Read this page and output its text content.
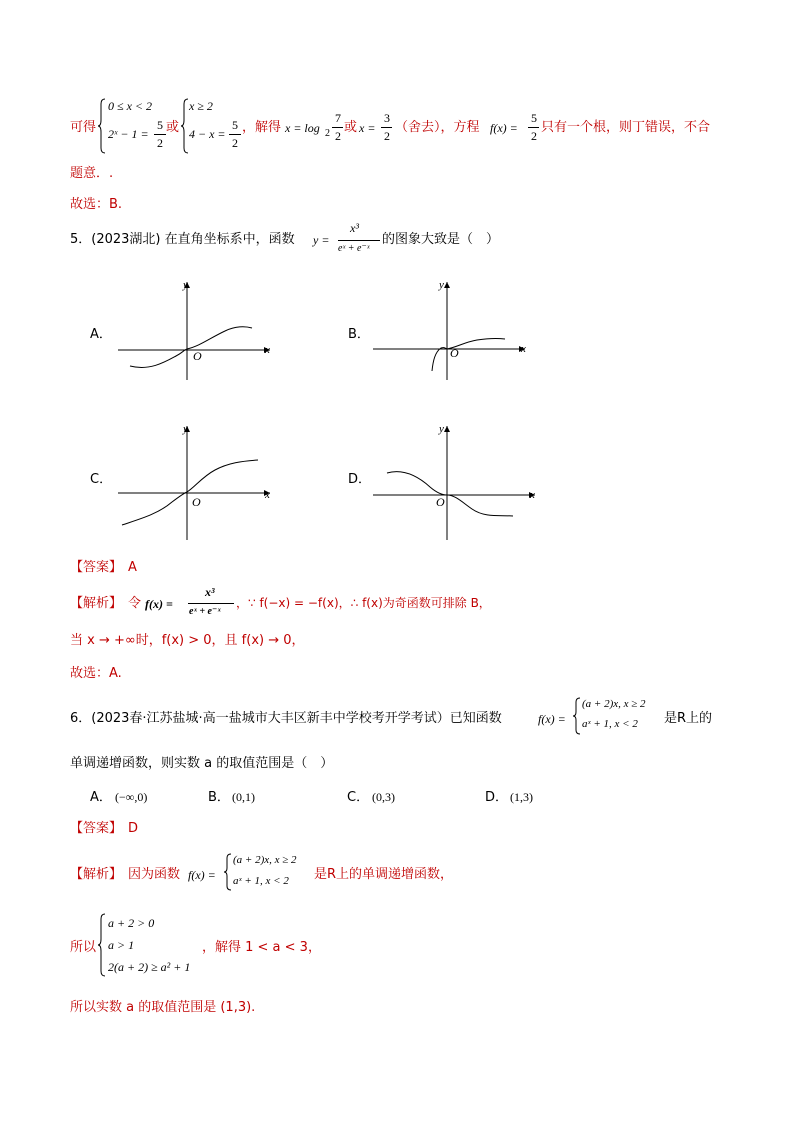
可得
0 ≤ x < 2
2ˣ − 1 =
5
2
或
x ≥ 2
4 − x =
5
2
，解得 x = log 2
7
2
或 x =
3
2
（舍去），方程 f(x) =
5
2
只有一个根，则丁错误，不合
题意．.
故选：B.
5．(2023湖北) 在直角坐标系中，函数 y =
x³
eˣ + e⁻ˣ
的图象大致是（　）
A．
y
x
O
B．
y
x
O
C．
y
x
O
D．
y
x
O
【答案】 A
【解析】 令 f(x) =
x³
eˣ + e⁻ˣ
，∵ f(−x) = −f(x)，∴ f(x)为奇函数可排除 B，
当 x → +∞时，f(x) > 0，且 f(x) → 0，
故选：A.
6．(2023春·江苏盐城·高一盐城市大丰区新丰中学校考开学考试）已知函数	f(x) =
(a + 2)x, x ≥ 2
aˣ + 1, x < 2 是R上的
单调递增函数，则实数 a 的取值范围是（　）
A． (−∞,0)	B． (0,1)	C． (0,3)	D． (1,3)
【答案】 D
【解析】 因为函数 f(x) =
(a + 2)x, x ≥ 2
aˣ + 1, x < 2 是R上的单调递增函数，
所以
a + 2 > 0
a > 1
2(a + 2) ≥ a² + 1
，解得 1 < a < 3，
所以实数 a 的取值范围是 (1,3).
